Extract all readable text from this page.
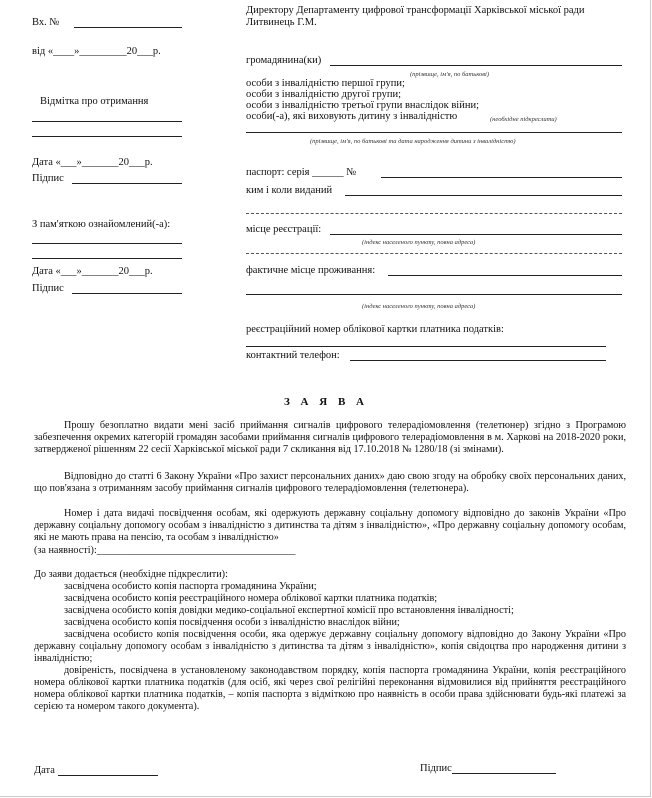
Вх. №
від «____»_________20___р.
Відмітка про отримання
Дата «___»_______20___р.
Підпис
З пам'яткою ознайомлений(-а):
Дата «___»_______20___р.
Підпис
Директору Департаменту цифрової трансформації Харківської міської ради
Литвинець Г.М.
громадянина(ки)
(прізвище, ім'я, по батькові)
особи з інвалідністю першої групи;
особи з інвалідністю другої групи;
особи з інвалідністю третьої групи внаслідок війни;
особи(-а), які виховують дитину з інвалідністю	(необхідне підкреслити)
(прізвище, ім'я, по батькові та дата народження дитини з інвалідністю)
паспорт: серія ______ №
ким і коли виданий
місце реєстрації:
(індекс населеного пункту, повна адреса)
фактичне місце проживання:
(індекс населеного пункту, повна адреса)
реєстраційний номер облікової картки платника податків:
контактний телефон:
З А Я В А
Прошу безоплатно видати мені засіб приймання сигналів цифрового телерадіомовлення (телетюнер) згідно з Програмою забезпечення окремих категорій громадян засобами приймання сигналів цифрового телерадіомовлення в м. Харкові на 2018-2020 роки, затвердженої рішенням 22 сесії Харківської міської ради 7 скликання від 17.10.2018 № 1280/18 (зі змінами).
Відповідно до статті 6 Закону України «Про захист персональних даних» даю свою згоду на обробку своїх персональних даних, що пов'язана з отриманням засобу приймання сигналів цифрового телерадіомовлення (телетюнера).
Номер і дата видачі посвідчення особам, які одержують державну соціальну допомогу відповідно до законів України «Про державну соціальну допомогу особам з інвалідністю з дитинства та дітям з інвалідністю», «Про державну соціальну допомогу особам, які не мають права на пенсію, та особам з інвалідністю»
(за наявності):_______________________________________
До заяви додається (необхідне підкреслити):
засвідчена особисто копія паспорта громадянина України;
засвідчена особисто копія реєстраційного номера облікової картки платника податків;
засвідчена особисто копія довідки медико-соціальної експертної комісії про встановлення інвалідності;
засвідчена особисто копія посвідчення особи з інвалідністю внаслідок війни;
засвідчена особисто копія посвідчення особи, яка одержує державну соціальну допомогу відповідно до Закону України «Про державну соціальну допомогу особам з інвалідністю з дитинства та дітям з інвалідністю», копія свідоцтва про народження дитини з інвалідністю;
довіреність, посвідчена в установленому законодавством порядку, копія паспорта громадянина України, копія реєстраційного номера облікової картки платника податків (для осіб, які через свої релігійні переконання відмовилися від прийняття реєстраційного номера облікової картки платника податків, – копія паспорта з відміткою про наявність в особи права здійснювати будь-які платежі за серією та номером такого документа).
Дата	Підпис
